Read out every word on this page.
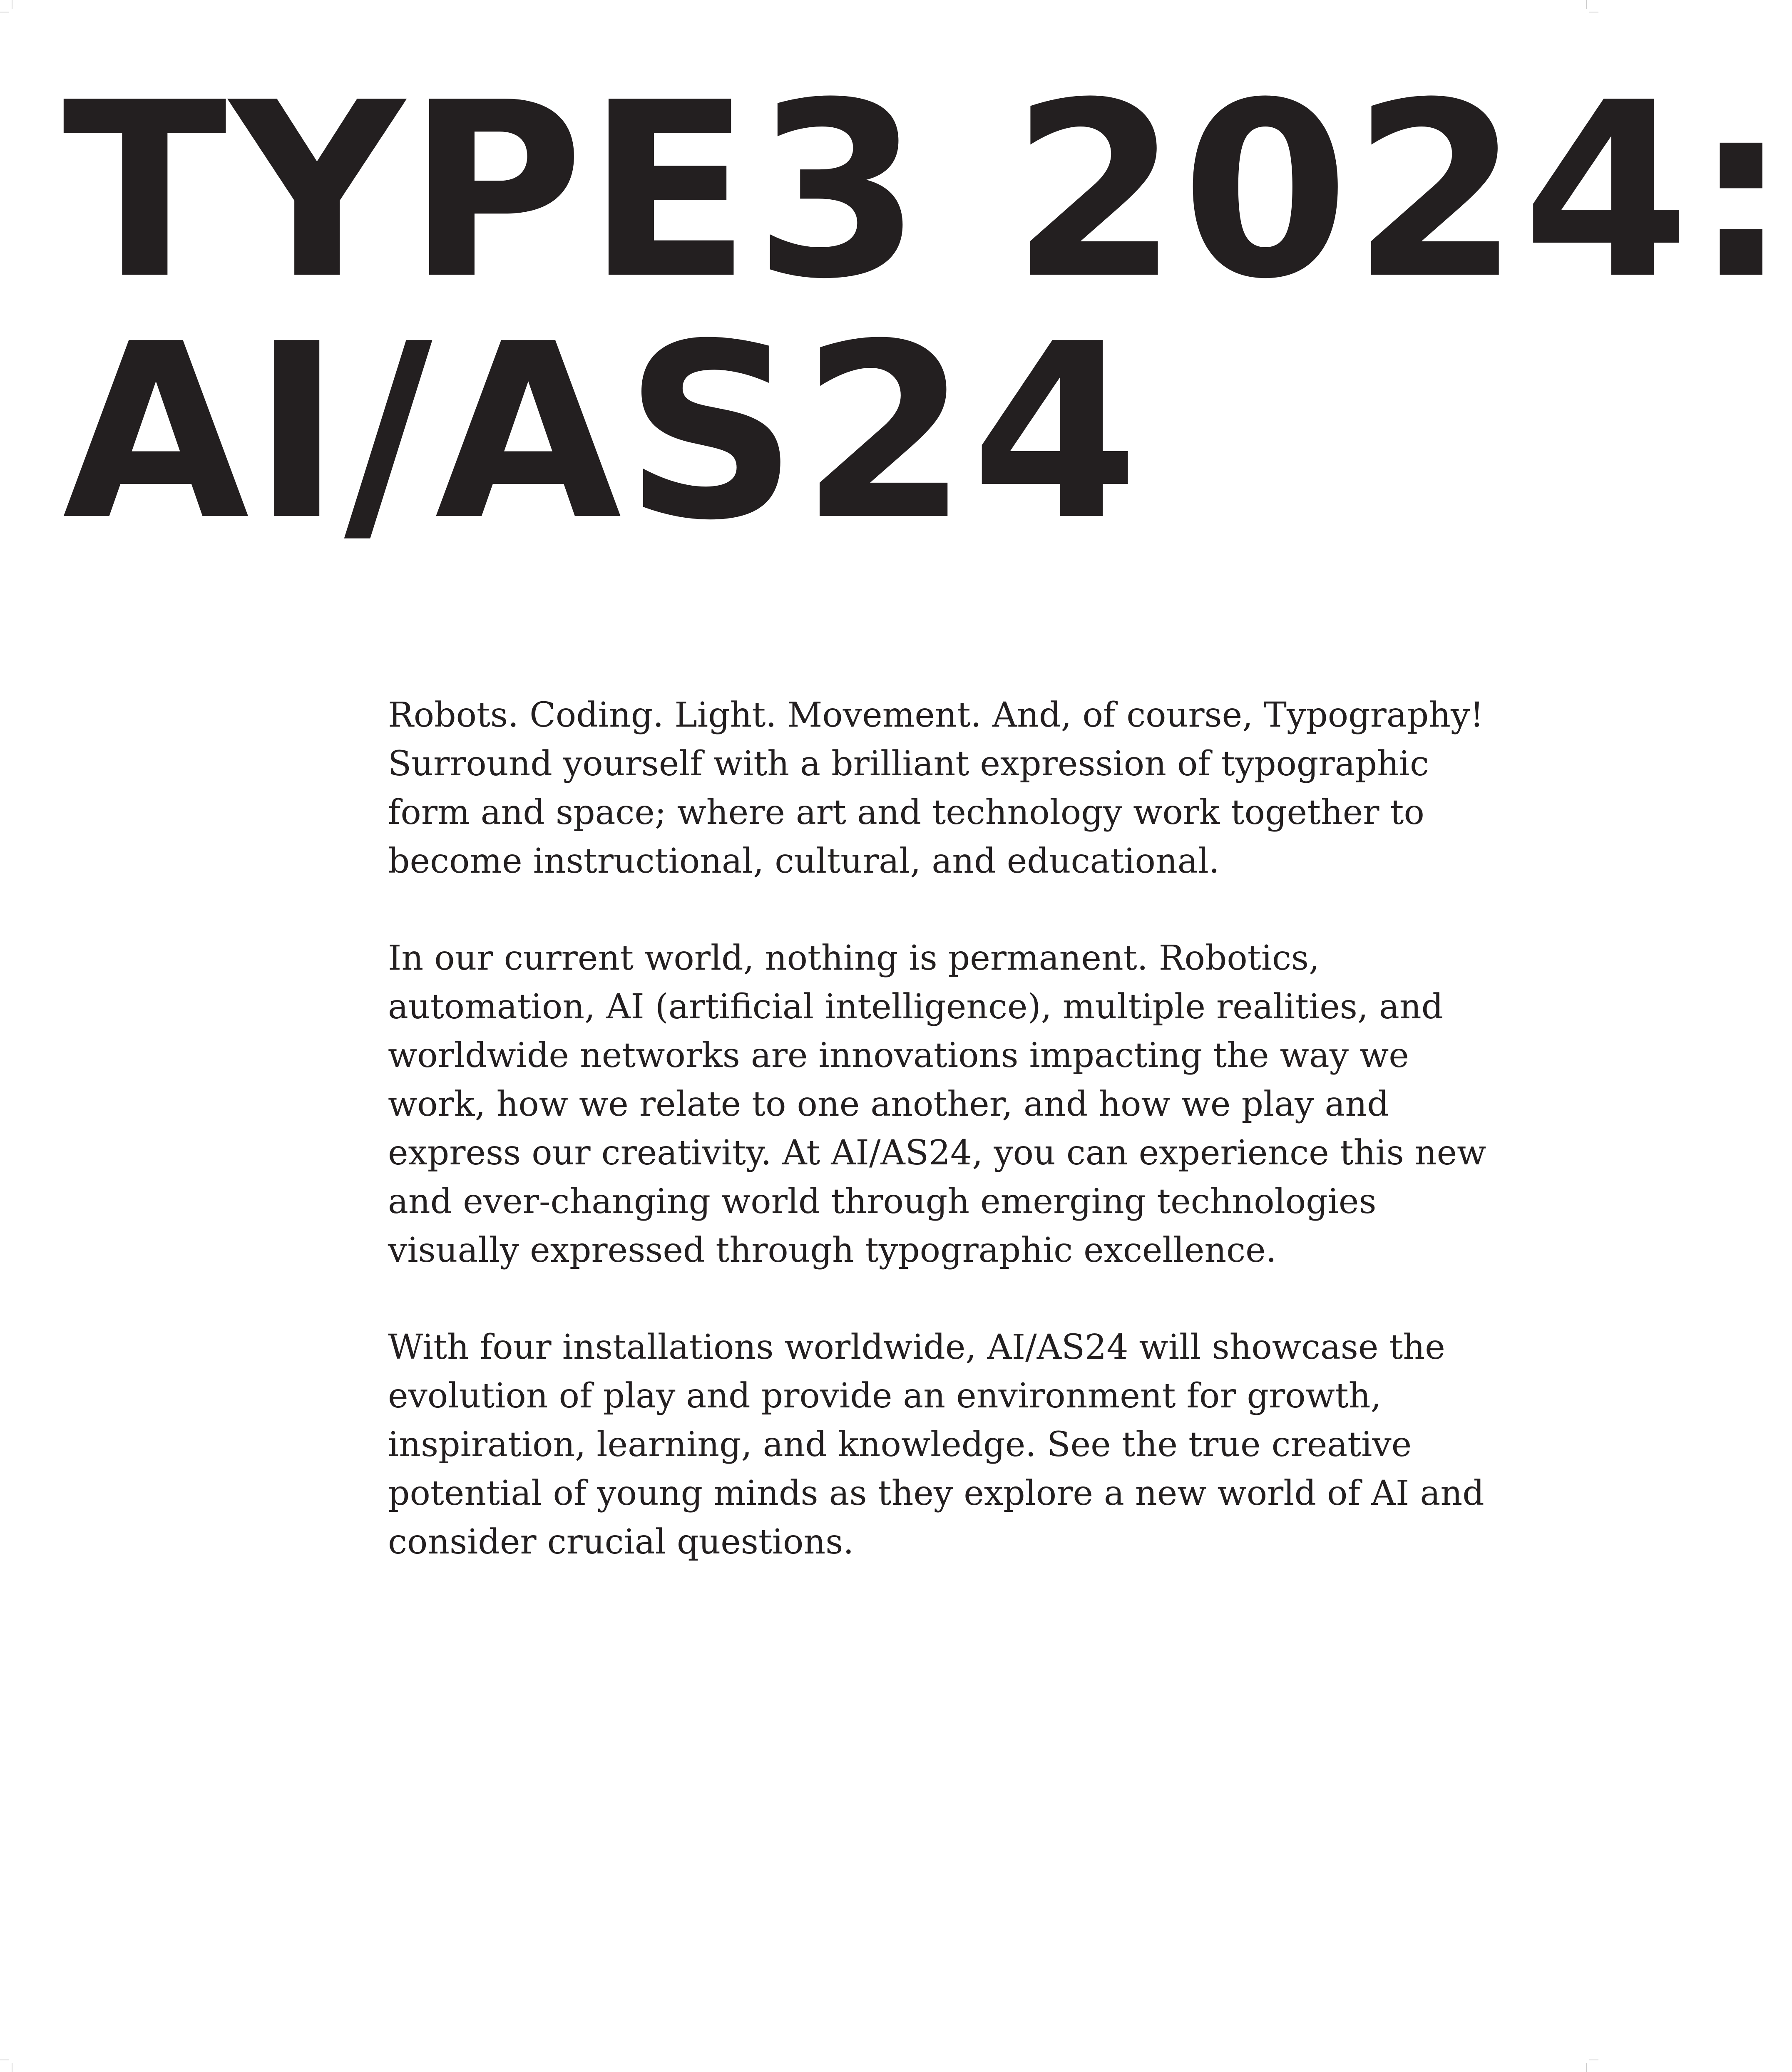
TYPE3 2024:
AI/AS24

Robots. Coding. Light. Movement. And, of course, Typography! Surround yourself with a brilliant expression of typographic form and space; where art and technology work together to become instructional, cultural, and educational.

In our current world, nothing is permanent. Robotics, automation, AI (artificial intelligence), multiple realities, and worldwide networks are innovations impacting the way we work, how we relate to one another, and how we play and express our creativity. At AI/AS24, you can experience this new and ever-changing world through emerging technologies visually expressed through typographic excellence.

With four installations worldwide, AI/AS24 will showcase the evolution of play and provide an environment for growth, inspiration, learning, and knowledge. See the true creative potential of young minds as they explore a new world of AI and consider crucial questions.
